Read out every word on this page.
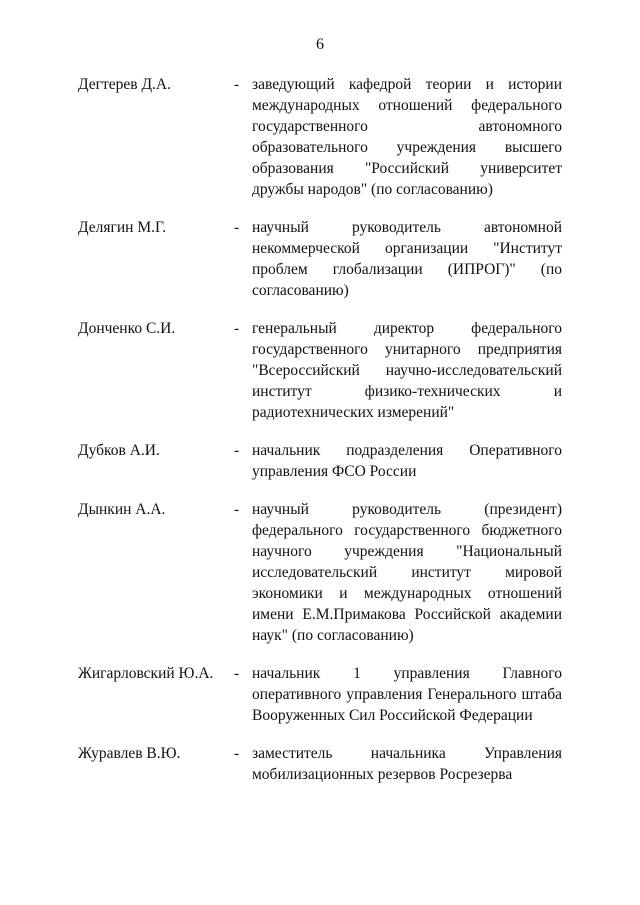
6
Дегтерев Д.А.	- заведующий кафедрой теории и истории международных отношений федерального государственного автономного образовательного учреждения высшего образования "Российский университет дружбы народов" (по согласованию)
Делягин М.Г.	- научный руководитель автономной некоммерческой организации "Институт проблем глобализации (ИПРОГ)" (по согласованию)
Донченко С.И.	- генеральный директор федерального государственного унитарного предприятия "Всероссийский научно-исследовательский институт физико-технических и радиотехнических измерений"
Дубков А.И.	- начальник подразделения Оперативного управления ФСО России
Дынкин А.А.	- научный руководитель (президент) федерального государственного бюджетного научного учреждения "Национальный исследовательский институт мировой экономики и международных отношений имени Е.М.Примакова Российской академии наук" (по согласованию)
Жигарловский Ю.А.	- начальник 1 управления Главного оперативного управления Генерального штаба Вооруженных Сил Российской Федерации
Журавлев В.Ю.	- заместитель начальника Управления мобилизационных резервов Росрезерва
